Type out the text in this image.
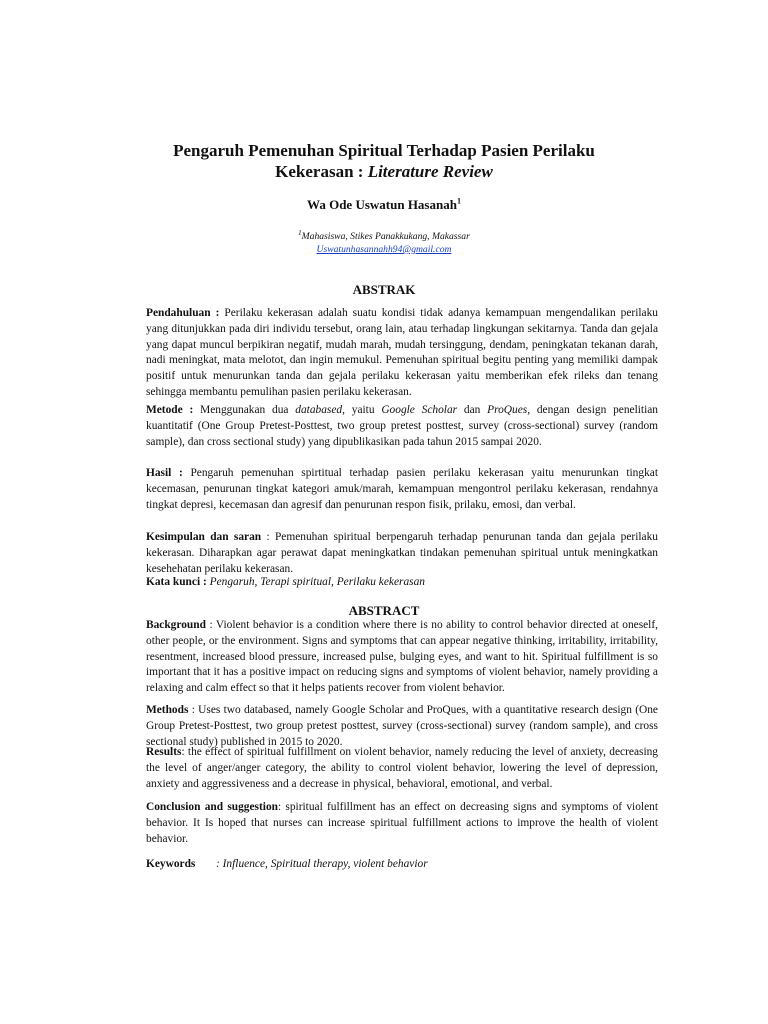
Pengaruh Pemenuhan Spiritual Terhadap Pasien Perilaku
Kekerasan : Literature Review
Wa Ode Uswatun Hasanah$^1$
$^1$Mahasiswa, Stikes Panakkukang, Makassar
Uswatunhasannahh94@gmail.com
ABSTRAK
Pendahuluan : Perilaku kekerasan adalah suatu kondisi tidak adanya kemampuan mengendalikan perilaku yang ditunjukkan pada diri individu tersebut, orang lain, atau terhadap lingkungan sekitarnya. Tanda dan gejala yang dapat muncul berpikiran negatif, mudah marah, mudah tersinggung, dendam, peningkatan tekanan darah, nadi meningkat, mata melotot, dan ingin memukul. Pemenuhan spiritual begitu penting yang memiliki dampak positif untuk menurunkan tanda dan gejala perilaku kekerasan yaitu memberikan efek rileks dan tenang sehingga membantu pemulihan pasien perilaku kekerasan.
Metode : Menggunakan dua databased, yaitu Google Scholar dan ProQues, dengan design penelitian kuantitatif (One Group Pretest-Posttest, two group pretest posttest, survey (cross-sectional) survey (random sample), dan cross sectional study) yang dipublikasikan pada tahun 2015 sampai 2020.
Hasil : Pengaruh pemenuhan spirtitual terhadap pasien perilaku kekerasan yaitu menurunkan tingkat kecemasan, penurunan tingkat kategori amuk/marah, kemampuan mengontrol perilaku kekerasan, rendahnya tingkat depresi, kecemasan dan agresif dan penurunan respon fisik, prilaku, emosi, dan verbal.
Kesimpulan dan saran : Pemenuhan spiritual berpengaruh terhadap penurunan tanda dan gejala perilaku kekerasan. Diharapkan agar perawat dapat meningkatkan tindakan pemenuhan spiritual untuk meningkatkan kesehehatan perilaku kekerasan.
Kata kunci : Pengaruh, Terapi spiritual, Perilaku kekerasan
ABSTRACT
Background : Violent behavior is a condition where there is no ability to control behavior directed at oneself, other people, or the environment. Signs and symptoms that can appear negative thinking, irritability, irritability, resentment, increased blood pressure, increased pulse, bulging eyes, and want to hit. Spiritual fulfillment is so important that it has a positive impact on reducing signs and symptoms of violent behavior, namely providing a relaxing and calm effect so that it helps patients recover from violent behavior.
Methods : Uses two databased, namely Google Scholar and ProQues, with a quantitative research design (One Group Pretest-Posttest, two group pretest posttest, survey (cross-sectional) survey (random sample), and cross sectional study) published in 2015 to 2020.
Results: the effect of spiritual fulfillment on violent behavior, namely reducing the level of anxiety, decreasing the level of anger/anger category, the ability to control violent behavior, lowering the level of depression, anxiety and aggressiveness and a decrease in physical, behavioral, emotional, and verbal.
Conclusion and suggestion: spiritual fulfillment has an effect on decreasing signs and symptoms of violent behavior. It Is hoped that nurses can increase spiritual fulfillment actions to improve the health of violent behavior.
Keywords : Influence, Spiritual therapy, violent behavior
